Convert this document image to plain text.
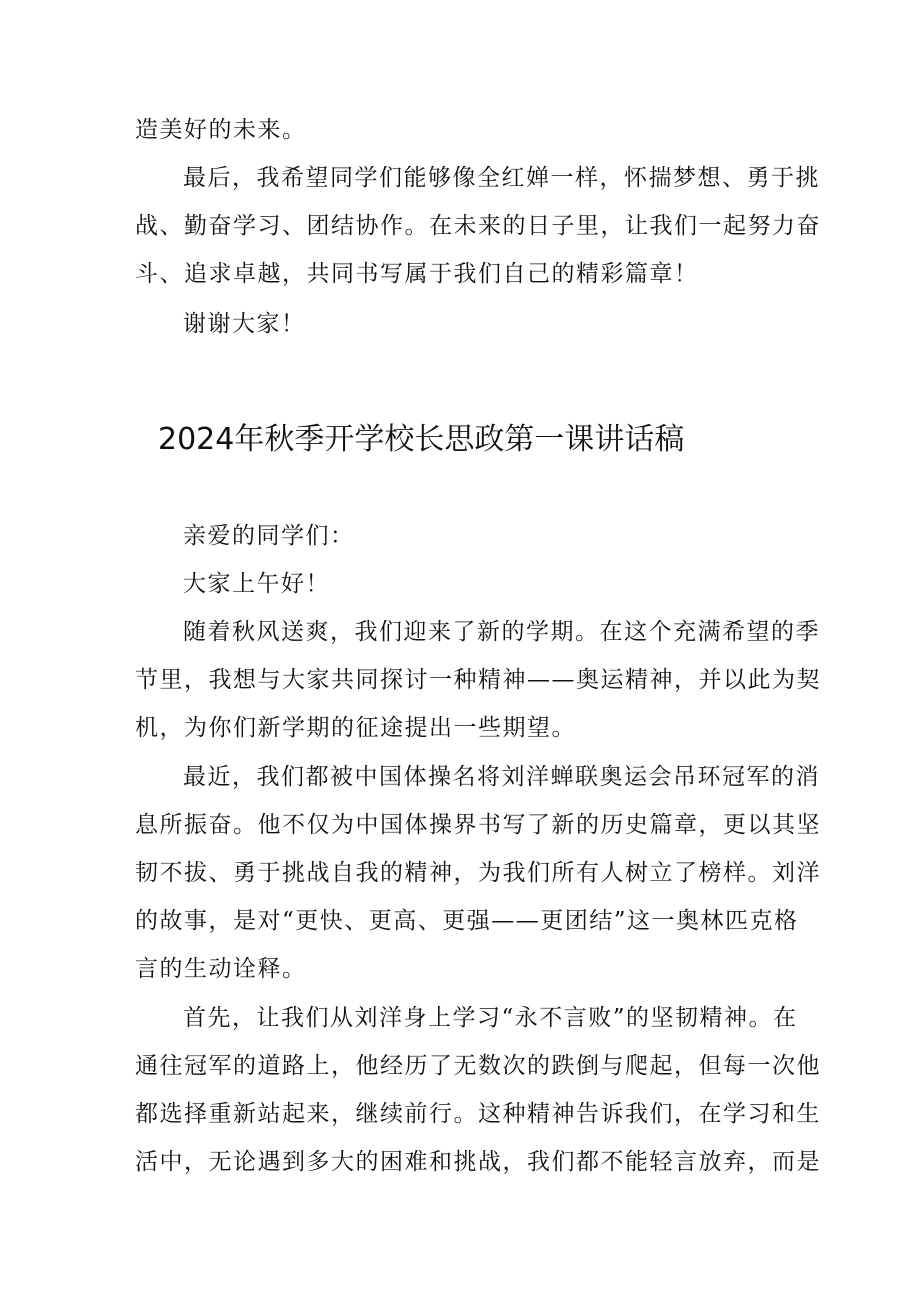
造美好的未来。
最后，我希望同学们能够像全红婵一样，怀揣梦想、勇于挑
战、勤奋学习、团结协作。在未来的日子里，让我们一起努力奋
斗、追求卓越，共同书写属于我们自己的精彩篇章！
谢谢大家！
2024年秋季开学校长思政第一课讲话稿
亲爱的同学们：
大家上午好！
随着秋风送爽，我们迎来了新的学期。在这个充满希望的季
节里，我想与大家共同探讨一种精神——奥运精神，并以此为契
机，为你们新学期的征途提出一些期望。
最近，我们都被中国体操名将刘洋蝉联奥运会吊环冠军的消
息所振奋。他不仅为中国体操界书写了新的历史篇章，更以其坚
韧不拔、勇于挑战自我的精神，为我们所有人树立了榜样。刘洋
的故事，是对“更快、更高、更强——更团结”这一奥林匹克格
言的生动诠释。
首先，让我们从刘洋身上学习“永不言败”的坚韧精神。在
通往冠军的道路上，他经历了无数次的跌倒与爬起，但每一次他
都选择重新站起来，继续前行。这种精神告诉我们，在学习和生
活中，无论遇到多大的困难和挑战，我们都不能轻言放弃，而是
